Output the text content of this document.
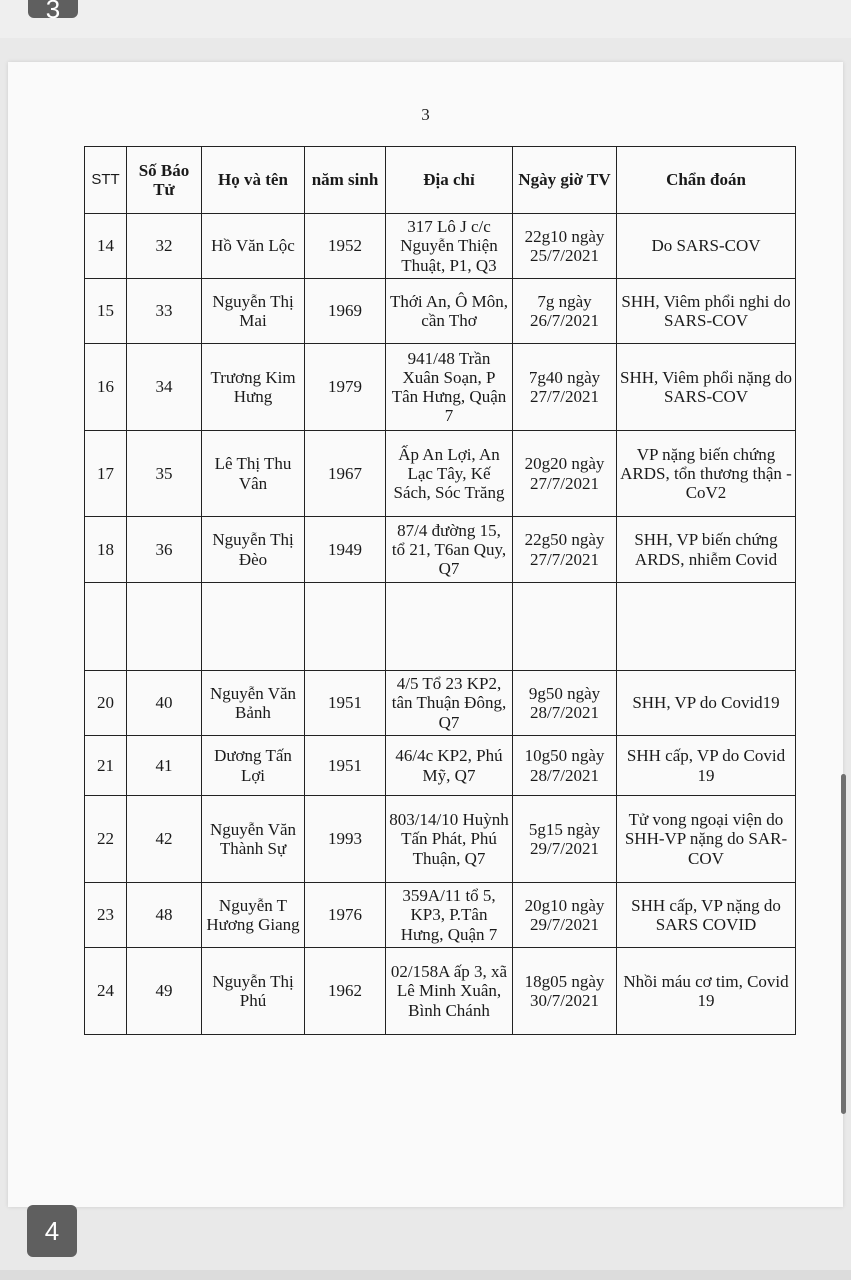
3
3
STT	Số Báo Tử	Họ và tên	năm sinh	Địa chỉ	Ngày giờ TV	Chẩn đoán
14	32	Hồ Văn Lộc	1952	317 Lô J c/c Nguyễn Thiện Thuật, P1, Q3	22g10 ngày 25/7/2021	Do SARS-COV
15	33	Nguyễn Thị Mai	1969	Thới An, Ô Môn, cần Thơ	7g ngày 26/7/2021	SHH, Viêm phổi nghi do SARS-COV
16	34	Trương Kim Hưng	1979	941/48 Trần Xuân Soạn, P Tân Hưng, Quận 7	7g40 ngày 27/7/2021	SHH, Viêm phổi nặng do SARS-COV
17	35	Lê Thị Thu Vân	1967	Ấp An Lợi, An Lạc Tây, Kế Sách, Sóc Trăng	20g20 ngày 27/7/2021	VP nặng biến chứng ARDS, tổn thương thận - CoV2
18	36	Nguyễn Thị Đèo	1949	87/4 đường 15, tổ 21, T6an Quy, Q7	22g50 ngày 27/7/2021	SHH, VP biến chứng ARDS, nhiễm Covid

20	40	Nguyễn Văn Bảnh	1951	4/5 Tổ 23 KP2, tân Thuận Đông, Q7	9g50 ngày 28/7/2021	SHH, VP do Covid19
21	41	Dương Tấn Lợi	1951	46/4c KP2, Phú Mỹ, Q7	10g50 ngày 28/7/2021	SHH cấp, VP do Covid 19
22	42	Nguyễn Văn Thành Sự	1993	803/14/10 Huỳnh Tấn Phát, Phú Thuận, Q7	5g15 ngày 29/7/2021	Tử vong ngoại viện do SHH-VP nặng do SAR-COV
23	48	Nguyễn T Hương Giang	1976	359A/11 tổ 5, KP3, P.Tân Hưng, Quận 7	20g10 ngày 29/7/2021	SHH cấp, VP nặng do SARS COVID
24	49	Nguyễn Thị Phú	1962	02/158A ấp 3, xã Lê Minh Xuân, Bình Chánh	18g05 ngày 30/7/2021	Nhồi máu cơ tim, Covid 19
4
